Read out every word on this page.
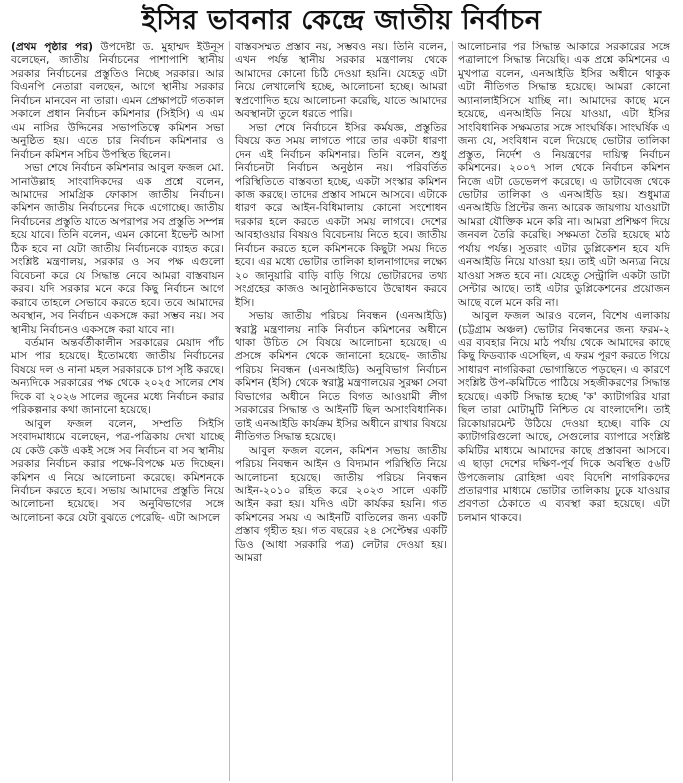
ইসির ভাবনার কেন্দ্রে জাতীয় নির্বাচন

(প্রথম পৃষ্ঠার পর) উপদেষ্টা ড. মুহাম্মদ ইউনূস বলেছেন, জাতীয় নির্বাচনের পাশাপাশি স্থানীয় সরকার নির্বাচনের প্রস্তুতিও নিচ্ছে সরকার। আর বিএনপি নেতারা বলছেন, আগে স্থানীয় সরকার নির্বাচন মানবেন না তারা। এমন প্রেক্ষাপটে গতকাল সকালে প্রধান নির্বাচন কমিশনার (সিইসি) এ এম এম নাসির উদ্দিনের সভাপতিত্বে কমিশন সভা অনুষ্ঠিত হয়। এতে চার নির্বাচন কমিশনার ও নির্বাচন কমিশন সচিব উপস্থিত ছিলেন।

সভা শেষে নির্বাচন কমিশনার আবুল ফজল মো. সানাউল্লাহ সাংবাদিকদের এক প্রশ্নে বলেন, আমাদের সামগ্রিক ফোকাস জাতীয় নির্বাচন। কমিশন জাতীয় নির্বাচনের দিকে এগোচ্ছে। জাতীয় নির্বাচনের প্রস্তুতি যাতে অপরাপর সব প্রস্তুতি সম্পন্ন হয়ে যাবে। তিনি বলেন, এমন কোনো ইভেন্ট আসা ঠিক হবে না যেটা জাতীয় নির্বাচনকে ব্যাহত করে। সংশ্লিষ্ট মন্ত্রণালয়, সরকার ও সব পক্ষ এগুলো বিবেচনা করে যে সিদ্ধান্ত নেবে আমরা বাস্তবায়ন করব। যদি সরকার মনে করে কিছু নির্বাচন আগে করাবে তাহলে সেভাবে করতে হবে। তবে আমাদের অবস্থান, সব নির্বাচন একসঙ্গে করা সম্ভব নয়। সব স্থানীয় নির্বাচনও একসঙ্গে করা যাবে না।

বর্তমান অন্তর্বর্তীকালীন সরকারের মেয়াদ পাঁচ মাস পার হয়েছে। ইতোমধ্যে জাতীয় নির্বাচনের বিষয়ে দল ও নানা মহল সরকারকে চাপ সৃষ্টি করছে। অন্যদিকে সরকারের পক্ষ থেকে ২০২৫ সালের শেষ দিকে বা ২০২৬ সালের জুনের মধ্যে নির্বাচন করার পরিকল্পনার কথা জানানো হয়েছে।

আবুল ফজল বলেন, সম্প্রতি সিইসি সংবাদমাধ্যমে বলেছেন, পত্র-পত্রিকায় দেখা যাচ্ছে যে কেউ কেউ একই সঙ্গে সব নির্বাচন বা সব স্থানীয় সরকার নির্বাচন করার পক্ষে-বিপক্ষে মত দিচ্ছেন। কমিশন এ নিয়ে আলোচনা করেছে। কমিশনকে নির্বাচন করতে হবে। সভায় আমাদের প্রস্তুতি নিয়ে আলোচনা হয়েছে। সব অনুবিভাগের সঙ্গে আলোচনা করে যেটা বুঝতে পেরেছি- এটা আসলে

বাস্তবসম্মত প্রস্তাব নয়, সম্ভবও নয়। তিনি বলেন, এখন পর্যন্ত স্থানীয় সরকার মন্ত্রণালয় থেকে আমাদের কোনো চিঠি দেওয়া হয়নি। যেহেতু এটা নিয়ে লেখালেখি হচ্ছে, আলোচনা হচ্ছে। আমরা স্বপ্রণোদিত হয়ে আলোচনা করেছি, যাতে আমাদের অবস্থানটা তুলে ধরতে পারি।

সভা শেষে নির্বাচনে ইসির কর্মযজ্ঞ, প্রস্তুতির বিষয়ে কত সময় লাগতে পারে তার একটা ধারণা দেন এই নির্বাচন কমিশনার। তিনি বলেন, শুধু নির্বাচনটা নির্বাচন অনুষ্ঠান নয়। পরিবর্তিত পরিস্থিতিতে বাস্তবতা হচ্ছে, একটা সংস্কার কমিশন কাজ করছে। তাদের প্রস্তাব সামনে আসবে। এটাকে ধারণ করে আইন-বিধিমালায় কোনো সংশোধন দরকার হলে করতে একটা সময় লাগবে। দেশের আবহাওয়ার বিষয়ও বিবেচনায় নিতে হবে। জাতীয় নির্বাচন করতে হলে কমিশনকে কিছুটা সময় দিতে হবে। এর মধ্যে ভোটার তালিকা হালনাগাদের লক্ষ্যে ২০ জানুয়ারি বাড়ি বাড়ি গিয়ে ভোটারদের তথ্য সংগ্রহের কাজও আনুষ্ঠানিকভাবে উদ্বোধন করবে ইসি।

সভায় জাতীয় পরিচয় নিবন্ধন (এনআইডি) স্বরাষ্ট্র মন্ত্রণালয় নাকি নির্বাচন কমিশনের অধীনে থাকা উচিত সে বিষয়ে আলোচনা হয়েছে। এ প্রসঙ্গে কমিশন থেকে জানানো হয়েছে- জাতীয় পরিচয় নিবন্ধন (এনআইডি) অনুবিভাগ নির্বাচন কমিশন (ইসি) থেকে স্বরাষ্ট্র মন্ত্রণালয়ের সুরক্ষা সেবা বিভাগের অধীনে নিতে বিগত আওয়ামী লীগ সরকারের সিদ্ধান্ত ও আইনটি ছিল অসাংবিধানিক। তাই এনআইডি কার্যক্রম ইসির অধীনে রাখার বিষয়ে নীতিগত সিদ্ধান্ত হয়েছে।

আবুল ফজল বলেন, কমিশন সভায় জাতীয় পরিচয় নিবন্ধন আইন ও বিদ্যমান পরিস্থিতি নিয়ে আলোচনা হয়েছে। জাতীয় পরিচয় নিবন্ধন আইন-২০১০ রহিত করে ২০২৩ সালে একটি আইন করা হয়। যদিও এটা কার্যকর হয়নি। গত কমিশনের সময় এ আইনটি বাতিলের জন্য একটি প্রস্তাব গৃহীত হয়। গত বছরের ২৪ সেপ্টেম্বর একটি ডিও (আধা সরকারি পত্র) লেটার দেওয়া হয়। আমরা

আলোচনার পর সিদ্ধান্ত আকারে সরকারের সঙ্গে পত্রালাপে সিদ্ধান্ত নিয়েছি। এক প্রশ্নে কমিশনের এ মুখপাত্র বলেন, এনআইডি ইসির অধীনে থাকুক এটা নীতিগত সিদ্ধান্ত হয়েছে। আমরা কোনো অ্যানালাইসিসে যাচ্ছি না। আমাদের কাছে মনে হয়েছে, এনআইডি নিয়ে যাওয়া, এটা ইসির সাংবিধানিক সক্ষমতার সঙ্গে সাংঘর্ষিক। সাংঘর্ষিক এ জন্য যে, সংবিধান বলে দিয়েছে ভোটার তালিকা প্রস্তুত, নির্দেশ ও নিয়ন্ত্রণের দায়িত্ব নির্বাচন কমিশনের। ২০০৭ সাল থেকে নির্বাচন কমিশন নিজে এটা ডেভেলপ করেছে। এ ডাটাবেজ থেকে ভোটার তালিকা ও এনআইডি হয়। শুধুমাত্র এনআইডি প্রিন্টের জন্য আরেক জায়গায় যাওয়াটা আমরা যৌক্তিক মনে করি না। আমরা প্রশিক্ষণ দিয়ে জনবল তৈরি করেছি। সক্ষমতা তৈরি হয়েছে মাঠ পর্যায় পর্যন্ত। সুতরাং এটার ডুপ্লিকেশন হবে যদি এনআইডি নিয়ে যাওয়া হয়। তাই এটা অন্যত্র নিয়ে যাওয়া সঙ্গত হবে না। যেহেতু সেন্ট্রালি একটা ডাটা সেন্টার আছে। তাই এটার ডুপ্লিকেশনের প্রয়োজন আছে বলে মনে করি না।

আবুল ফজল আরও বলেন, বিশেষ এলাকায় (চট্টগ্রাম অঞ্চল) ভোটার নিবন্ধনের জন্য ফরম-২ এর ব্যবহার নিয়ে মাঠ পর্যায় থেকে আমাদের কাছে কিছু ফিডব্যাক এসেছিল, এ ফরম পূরণ করতে গিয়ে সাধারণ নাগরিকরা ভোগান্তিতে পড়ছেন। এ কারণে সংশ্লিষ্ট উপ-কমিটিতে পাঠিয়ে সহজীকরণের সিদ্ধান্ত হয়েছে। একটি সিদ্ধান্ত হচ্ছে 'ক' ক্যাটাগরির যারা ছিল তারা মোটামুটি নিশ্চিত যে বাংলাদেশি। তাই রিকোয়ারমেন্ট উঠিয়ে দেওয়া হচ্ছে। বাকি যে ক্যাটাগরিগুলো আছে, সেগুলোর ব্যাপারে সংশ্লিষ্ট কমিটির মাধ্যমে আমাদের কাছে প্রস্তাবনা আসবে। এ ছাড়া দেশের দক্ষিণ-পূর্ব দিকে অবস্থিত ৫৬টি উপজেলায় রোহিঙ্গা এবং বিদেশি নাগরিকদের প্রতারণার মাধ্যমে ভোটার তালিকায় ঢুকে যাওয়ার প্রবণতা ঠেকাতে এ ব্যবস্থা করা হয়েছে। এটা চলমান থাকবে।
